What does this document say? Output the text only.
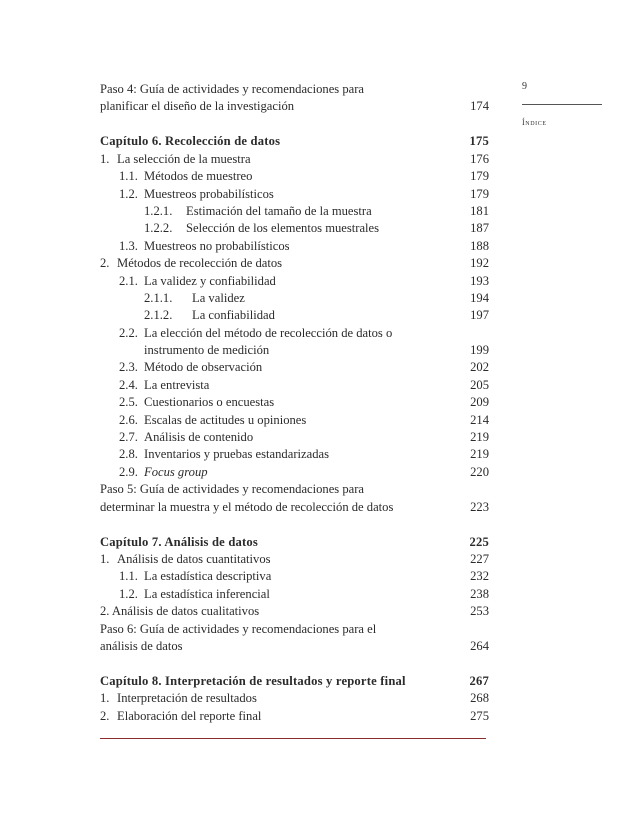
9
Índice
Paso 4: Guía de actividades y recomendaciones para
planificar el diseño de la investigación	174
Capítulo 6. Recolección de datos	175
1. La selección de la muestra	176
1.1. Métodos de muestreo	179
1.2. Muestreos probabilísticos	179
1.2.1. Estimación del tamaño de la muestra	181
1.2.2. Selección de los elementos muestrales	187
1.3. Muestreos no probabilísticos	188
2. Métodos de recolección de datos	192
2.1. La validez y confiabilidad	193
2.1.1. La validez	194
2.1.2. La confiabilidad	197
2.2. La elección del método de recolección de datos o
instrumento de medición	199
2.3. Método de observación	202
2.4. La entrevista	205
2.5. Cuestionarios o encuestas	209
2.6. Escalas de actitudes u opiniones	214
2.7. Análisis de contenido	219
2.8. Inventarios y pruebas estandarizadas	219
2.9. Focus group	220
Paso 5: Guía de actividades y recomendaciones para
determinar la muestra y el método de recolección de datos	223
Capítulo 7. Análisis de datos	225
1. Análisis de datos cuantitativos	227
1.1. La estadística descriptiva	232
1.2. La estadística inferencial	238
2. Análisis de datos cualitativos	253
Paso 6: Guía de actividades y recomendaciones para el
análisis de datos	264
Capítulo 8. Interpretación de resultados y reporte final	267
1. Interpretación de resultados	268
2. Elaboración del reporte final	275
